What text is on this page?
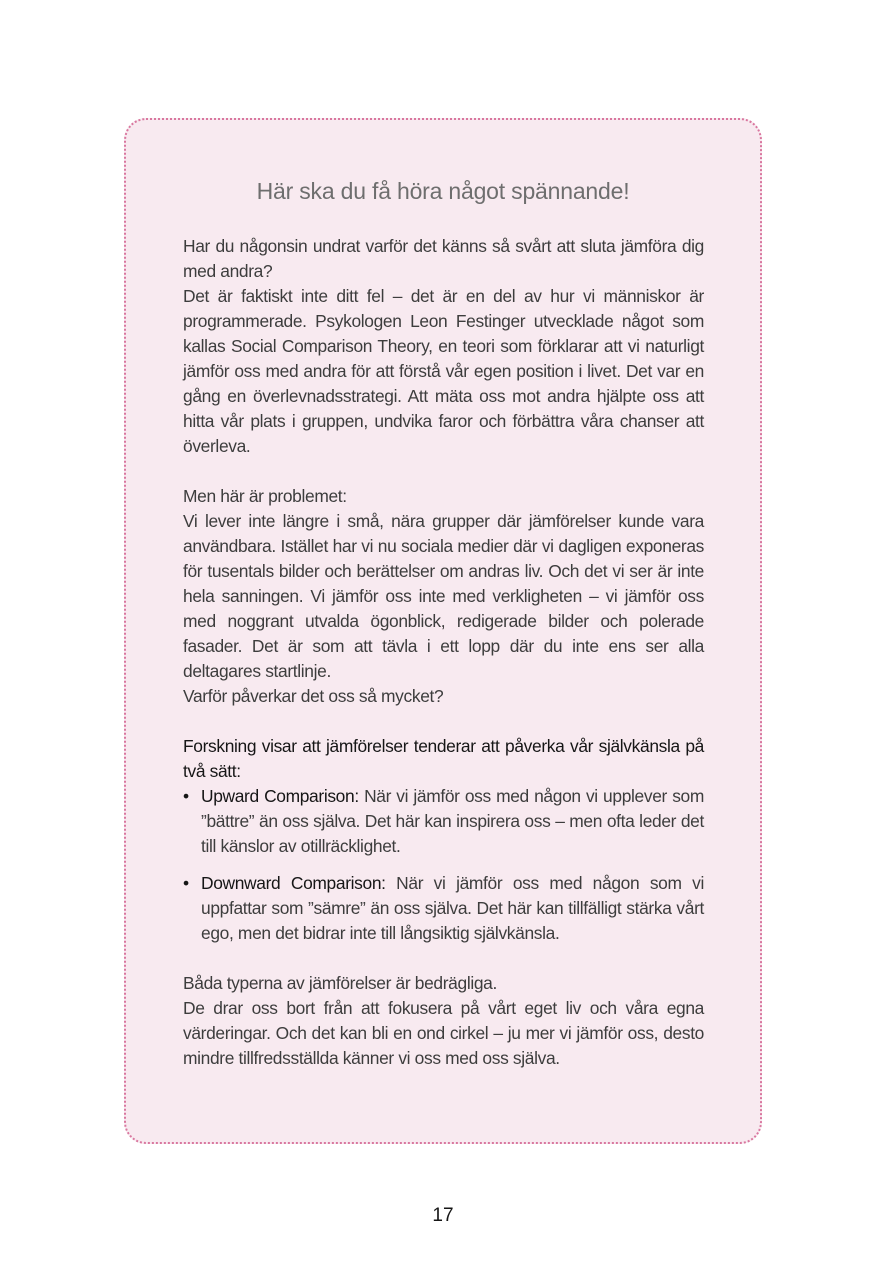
Här ska du få höra något spännande!

Har du någonsin undrat varför det känns så svårt att sluta jämföra dig med andra?

Det är faktiskt inte ditt fel – det är en del av hur vi människor är programmerade. Psykologen Leon Festinger utvecklade något som kallas Social Comparison Theory, en teori som förklarar att vi naturligt jämför oss med andra för att förstå vår egen position i livet. Det var en gång en överlevnadsstrategi. Att mäta oss mot andra hjälpte oss att hitta vår plats i gruppen, undvika faror och förbättra våra chanser att överleva.

Men här är problemet:

Vi lever inte längre i små, nära grupper där jämförelser kunde vara användbara. Istället har vi nu sociala medier där vi dagligen exponeras för tusentals bilder och berättelser om andras liv. Och det vi ser är inte hela sanningen. Vi jämför oss inte med verkligheten – vi jämför oss med noggrant utvalda ögonblick, redigerade bilder och polerade fasader. Det är som att tävla i ett lopp där du inte ens ser alla deltagares startlinje.

Varför påverkar det oss så mycket?

Forskning visar att jämförelser tenderar att påverka vår självkänsla på två sätt:

• Upward Comparison: När vi jämför oss med någon vi upplever som ”bättre” än oss själva. Det här kan inspirera oss – men ofta leder det till känslor av otillräcklighet.
• Downward Comparison: När vi jämför oss med någon som vi uppfattar som ”sämre” än oss själva. Det här kan tillfälligt stärka vårt ego, men det bidrar inte till långsiktig självkänsla.

Båda typerna av jämförelser är bedrägliga.

De drar oss bort från att fokusera på vårt eget liv och våra egna värderingar. Och det kan bli en ond cirkel – ju mer vi jämför oss, desto mindre tillfredsställda känner vi oss med oss själva.

17
